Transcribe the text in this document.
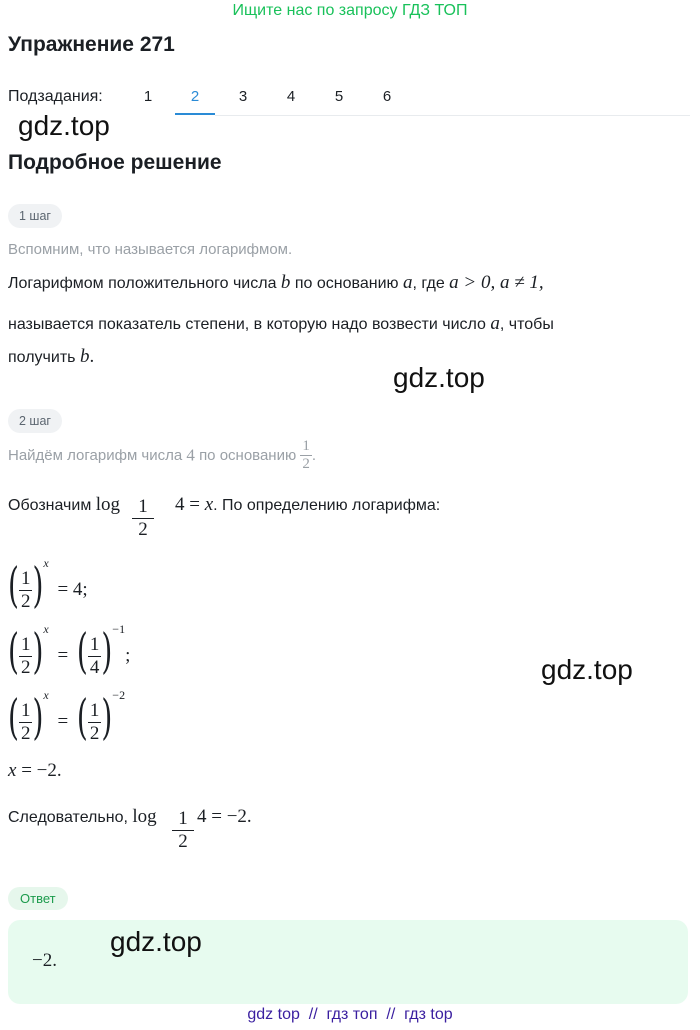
Ищите нас по запросу ГДЗ ТОП
Упражнение 271
Подзадания:	1	2	3	4	5	6
gdz.top
Подробное решение
1 шаг
Вспомним, что называется логарифмом.
Логарифмом положительного числа b по основанию a, где a > 0, a ≠ 1,
называется показатель степени, в которую надо возвести число a, чтобы
получить b.
gdz.top
2 шаг
Найдём логарифм числа 4 по основанию $\frac{1}{2}$ .
Обозначим log 1
2
4 = x. По определению логарифма:
( $\frac{1}{2} )^x = 4$;
( $\frac{1}{2} )^x$ = ( $\frac{1}{4} )^{-1}$;	gdz.top
( $\frac{1}{2} )^x$ = ( $\frac{1}{2} )^{-2}$
x = −2.
Следовательно, log	1
2
4 = −2.
Ответ
−2.
gdz.top
gdz top  //  гдз топ  //  гдз top
